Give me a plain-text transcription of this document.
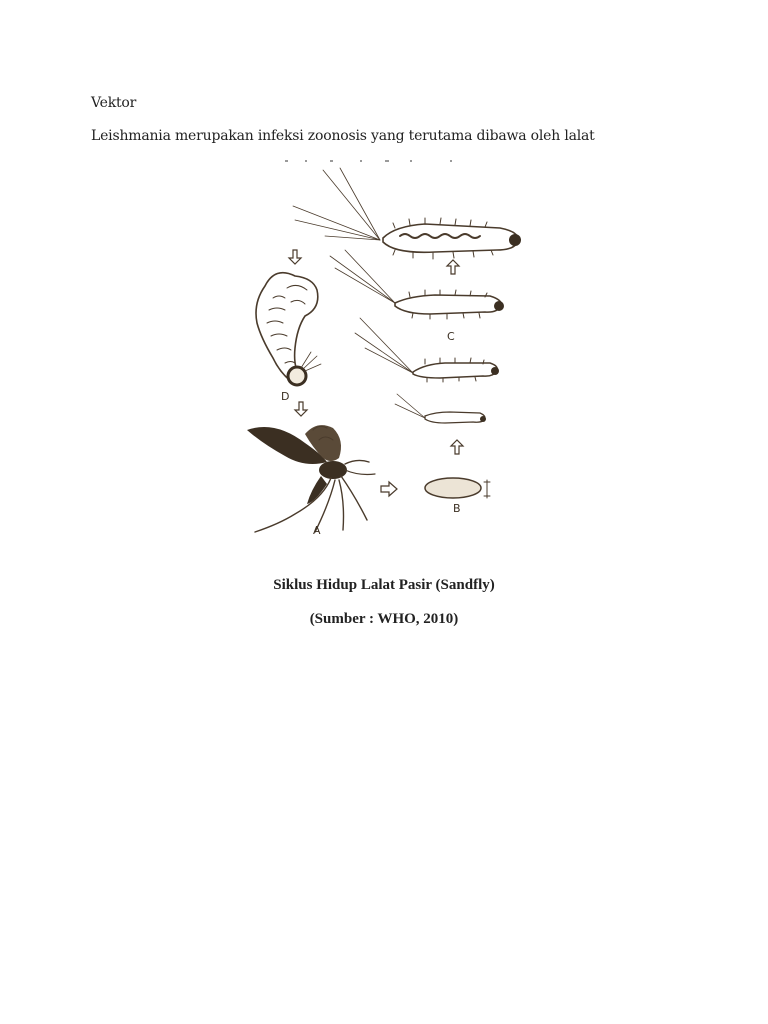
Vektor
Leishmania merupakan infeksi zoonosis yang terutama dibawa oleh lalat
C
B
D
A
Siklus Hidup Lalat Pasir (Sandfly)
(Sumber : WHO, 2010)
